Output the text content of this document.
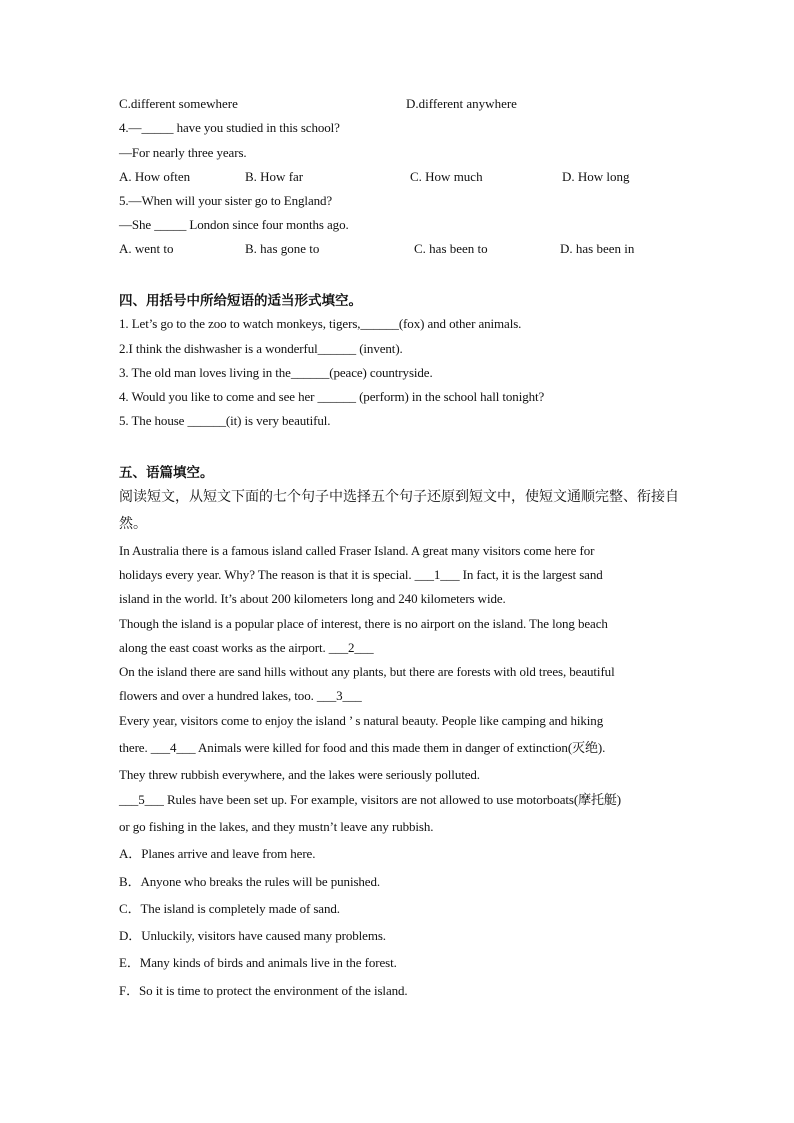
C.different somewhere	D.different anywhere
4.—_____ have you studied in this school?
—For nearly three years.
A. How often	B. How far	C. How much	D. How long
5.—When will your sister go to England?
—She _____ London since four months ago.
A. went to	B. has gone to	C. has been to	D. has been in
四、用括号中所给短语的适当形式填空。
1. Let’s go to the zoo to watch monkeys, tigers,______(fox) and other animals.
2.I think the dishwasher is a wonderful______ (invent).
3. The old man loves living in the______(peace) countryside.
4. Would you like to come and see her ______ (perform) in the school hall tonight?
5. The house ______(it) is very beautiful.
五、语篇填空。
阅读短文，从短文下面的七个句子中选择五个句子还原到短文中，使短文通顺完整、衔接自
然。
In Australia there is a famous island called Fraser Island. A great many visitors come here for
holidays every year. Why? The reason is that it is special. ___1___ In fact, it is the largest sand
island in the world. It’s about 200 kilometers long and 240 kilometers wide.
Though the island is a popular place of interest, there is no airport on the island. The long beach
along the east coast works as the airport. ___2___
On the island there are sand hills without any plants, but there are forests with old trees, beautiful
flowers and over a hundred lakes, too. ___3___
Every year, visitors come to enjoy the island ’ s natural beauty. People like camping and hiking
there. ___4___ Animals were killed for food and this made them in danger of extinction(灭绝).
They threw rubbish everywhere, and the lakes were seriously polluted.
___5___ Rules have been set up. For example, visitors are not allowed to use motorboats(摩托艇)
or go fishing in the lakes, and they mustn’t leave any rubbish.
A．Planes arrive and leave from here.
B．Anyone who breaks the rules will be punished.
C．The island is completely made of sand.
D．Unluckily, visitors have caused many problems.
E．Many kinds of birds and animals live in the forest.
F．So it is time to protect the environment of the island.
